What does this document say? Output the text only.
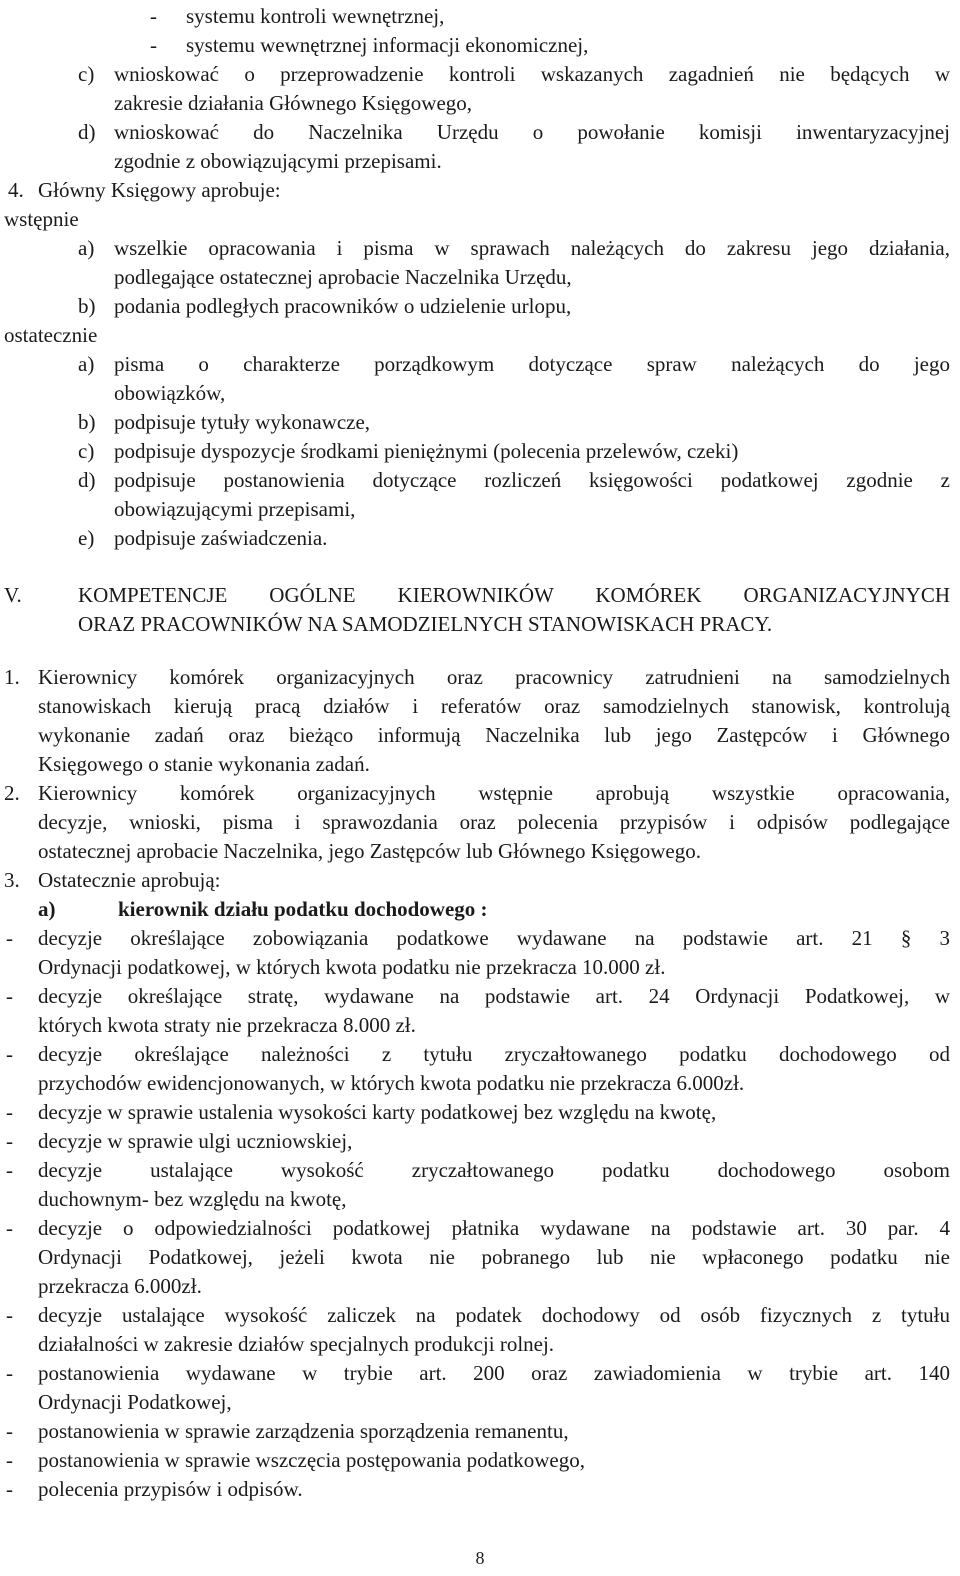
- systemu kontroli wewnętrznej,
- systemu wewnętrznej informacji ekonomicznej,
c) wnioskować o przeprowadzenie kontroli wskazanych zagadnień nie będących w
zakresie działania Głównego Księgowego,
d) wnioskować do Naczelnika Urzędu o powołanie komisji inwentaryzacyjnej
zgodnie z obowiązującymi przepisami.
4. Główny Księgowy aprobuje:
wstępnie
a) wszelkie opracowania i pisma w sprawach należących do zakresu jego działania,
podlegające ostatecznej aprobacie Naczelnika Urzędu,
b) podania podległych pracowników o udzielenie urlopu,
ostatecznie
a) pisma o charakterze porządkowym dotyczące spraw należących do jego
obowiązków,
b) podpisuje tytuły wykonawcze,
c) podpisuje dyspozycje środkami pieniężnymi (polecenia przelewów, czeki)
d) podpisuje postanowienia dotyczące rozliczeń księgowości podatkowej zgodnie z
obowiązującymi przepisami,
e) podpisuje zaświadczenia.
V.	KOMPETENCJE OGÓLNE KIEROWNIKÓW KOMÓREK ORGANIZACYJNYCH
ORAZ PRACOWNIKÓW NA SAMODZIELNYCH STANOWISKACH PRACY.
1. Kierownicy komórek organizacyjnych oraz pracownicy zatrudnieni na samodzielnych
stanowiskach kierują pracą działów i referatów oraz samodzielnych stanowisk, kontrolują
wykonanie zadań oraz bieżąco informują Naczelnika lub jego Zastępców i Głównego
Księgowego o stanie wykonania zadań.
2. Kierownicy komórek organizacyjnych wstępnie aprobują wszystkie opracowania,
decyzje, wnioski, pisma i sprawozdania oraz polecenia przypisów i odpisów podlegające
ostatecznej aprobacie Naczelnika, jego Zastępców lub Głównego Księgowego.
3. Ostatecznie aprobują:
a)	kierownik działu podatku dochodowego :
- decyzje określające zobowiązania podatkowe wydawane na podstawie art. 21 § 3
Ordynacji podatkowej, w których kwota podatku nie przekracza 10.000 zł.
- decyzje określające stratę, wydawane na podstawie art. 24 Ordynacji Podatkowej, w
których kwota straty nie przekracza 8.000 zł.
- decyzje określające należności z tytułu zryczałtowanego podatku dochodowego od
przychodów ewidencjonowanych, w których kwota podatku nie przekracza 6.000zł.
- decyzje w sprawie ustalenia wysokości karty podatkowej bez względu na kwotę,
- decyzje w sprawie ulgi uczniowskiej,
- decyzje ustalające wysokość zryczałtowanego podatku dochodowego osobom
duchownym- bez względu na kwotę,
- decyzje o odpowiedzialności podatkowej płatnika wydawane na podstawie art. 30 par. 4
Ordynacji Podatkowej, jeżeli kwota nie pobranego lub nie wpłaconego podatku nie
przekracza 6.000zł.
- decyzje ustalające wysokość zaliczek na podatek dochodowy od osób fizycznych z tytułu
działalności w zakresie działów specjalnych produkcji rolnej.
- postanowienia wydawane w trybie art. 200 oraz zawiadomienia w trybie art. 140
Ordynacji Podatkowej,
- postanowienia w sprawie zarządzenia sporządzenia remanentu,
- postanowienia w sprawie wszczęcia postępowania podatkowego,
- polecenia przypisów i odpisów.
8
